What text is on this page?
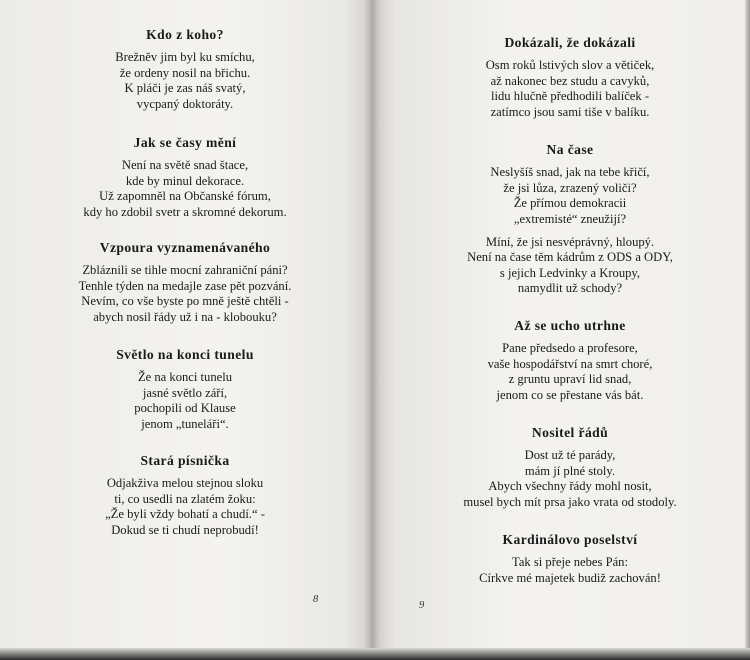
Kdo z koho?
Brežněv jim byl ku smíchu,
že ordeny nosil na břichu.
K pláči je zas náš svatý,
vycpaný doktoráty.
Jak se časy mění
Není na světě snad štace,
kde by minul dekorace.
Už zapomněl na Občanské fórum,
kdy ho zdobil svetr a skromné dekorum.
Vzpoura vyznamenávaného
Zbláznili se tihle mocní zahraniční páni?
Tenhle týden na medajle zase pět pozvání.
Nevím, co vše byste po mně ještě chtěli -
abych nosil řády už i na - klobouku?
Světlo na konci tunelu
Že na konci tunelu
jasné světlo září,
pochopili od Klause
jenom „tuneláři“.
Stará písnička
Odjakživa melou stejnou sloku
ti, co usedli na zlatém žoku:
„Že byli vždy bohatí a chudí.“ -
Dokud se ti chudí neprobudí!
8
Dokázali, že dokázali
Osm roků lstivých slov a větiček,
až nakonec bez studu a cavyků,
lidu hlučně předhodili balíček -
zatímco jsou sami tiše v balíku.
Na čase
Neslyšíš snad, jak na tebe křičí,
že jsi lůza, zrazený voliči?
Že přímou demokracii
„extremisté“ zneužijí?
Míní, že jsi nesvéprávný, hloupý.
Není na čase těm kádrům z ODS a ODY,
s jejich Ledvinky a Kroupy,
namydlit už schody?
Až se ucho utrhne
Pane předsedo a profesore,
vaše hospodářství na smrt choré,
z gruntu upraví lid snad,
jenom co se přestane vás bát.
Nositel řádů
Dost už té parády,
mám jí plné stoly.
Abych všechny řády mohl nosit,
musel bych mít prsa jako vrata od stodoly.
Kardinálovo poselství
Tak si přeje nebes Pán:
Církve mé majetek budiž zachován!
9
